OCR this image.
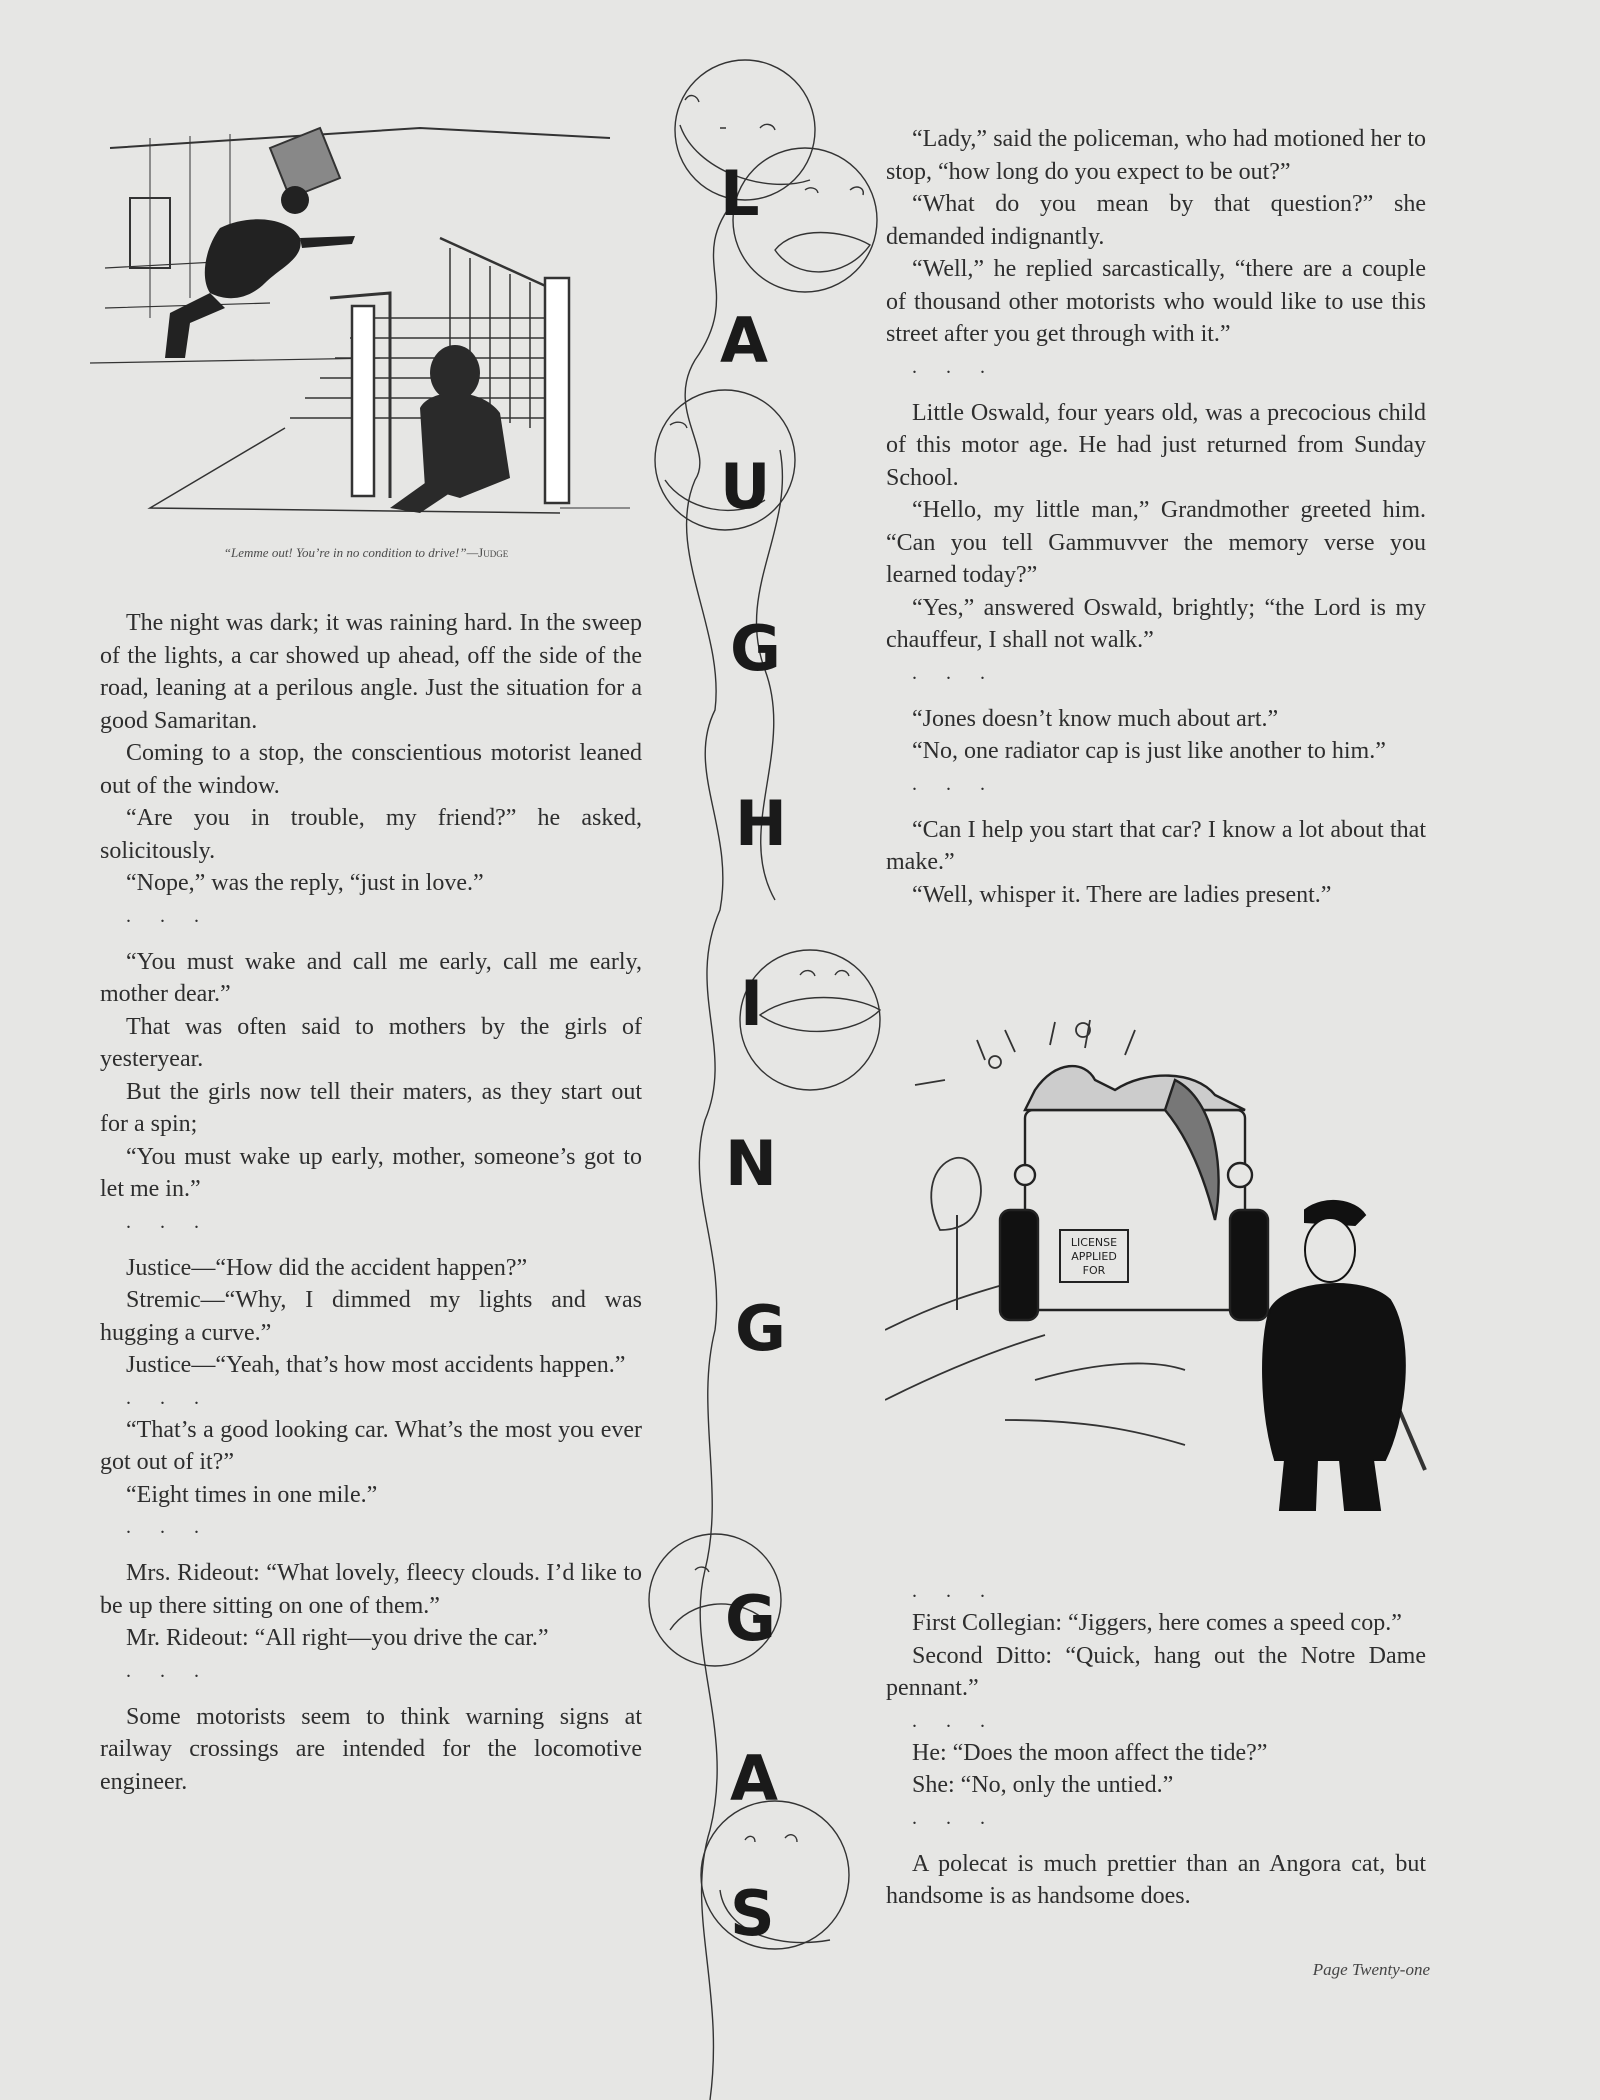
“Lemme out! You’re in no condition to drive!”—Judge
L
A
U
G
H
I
N
G
G
A
S

The night was dark; it was raining hard. In the sweep of the lights, a car showed up ahead, off the side of the road, leaning at a perilous angle. Just the situation for a good Samaritan.

Coming to a stop, the conscientious motorist leaned out of the window.

“Are you in trouble, my friend?” he asked, solicitously.

“Nope,” was the reply, “just in love.”

. . .

“You must wake and call me early, call me early, mother dear.”

That was often said to mothers by the girls of yesteryear.

But the girls now tell their maters, as they start out for a spin;

“You must wake up early, mother, someone’s got to let me in.”

. . .

Justice—“How did the accident happen?”

Stremic—“Why, I dimmed my lights and was hugging a curve.”

Justice—“Yeah, that’s how most accidents happen.”

. . .

“That’s a good looking car. What’s the most you ever got out of it?”

“Eight times in one mile.”

. . .

Mrs. Rideout: “What lovely, fleecy clouds. I’d like to be up there sitting on one of them.”

Mr. Rideout: “All right—you drive the car.”

. . .

Some motorists seem to think warning signs at railway crossings are intended for the locomotive engineer.

“Lady,” said the policeman, who had motioned her to stop, “how long do you expect to be out?”

“What do you mean by that question?” she demanded indignantly.

“Well,” he replied sarcastically, “there are a couple of thousand other motorists who would like to use this street after you get through with it.”

. . .

Little Oswald, four years old, was a precocious child of this motor age. He had just returned from Sunday School.

“Hello, my little man,” Grandmother greeted him. “Can you tell Gammuvver the memory verse you learned today?”

“Yes,” answered Oswald, brightly; “the Lord is my chauffeur, I shall not walk.”

. . .

“Jones doesn’t know much about art.”

“No, one radiator cap is just like another to him.”

. . .

“Can I help you start that car? I know a lot about that make.”

“Well, whisper it. There are ladies present.”

LICENSE
APPLIED
FOR

. . .

First Collegian: “Jiggers, here comes a speed cop.”

Second Ditto: “Quick, hang out the Notre Dame pennant.”

. . .

He: “Does the moon affect the tide?”

She: “No, only the untied.”

. . .

A polecat is much prettier than an Angora cat, but handsome is as handsome does.

Page Twenty-one
